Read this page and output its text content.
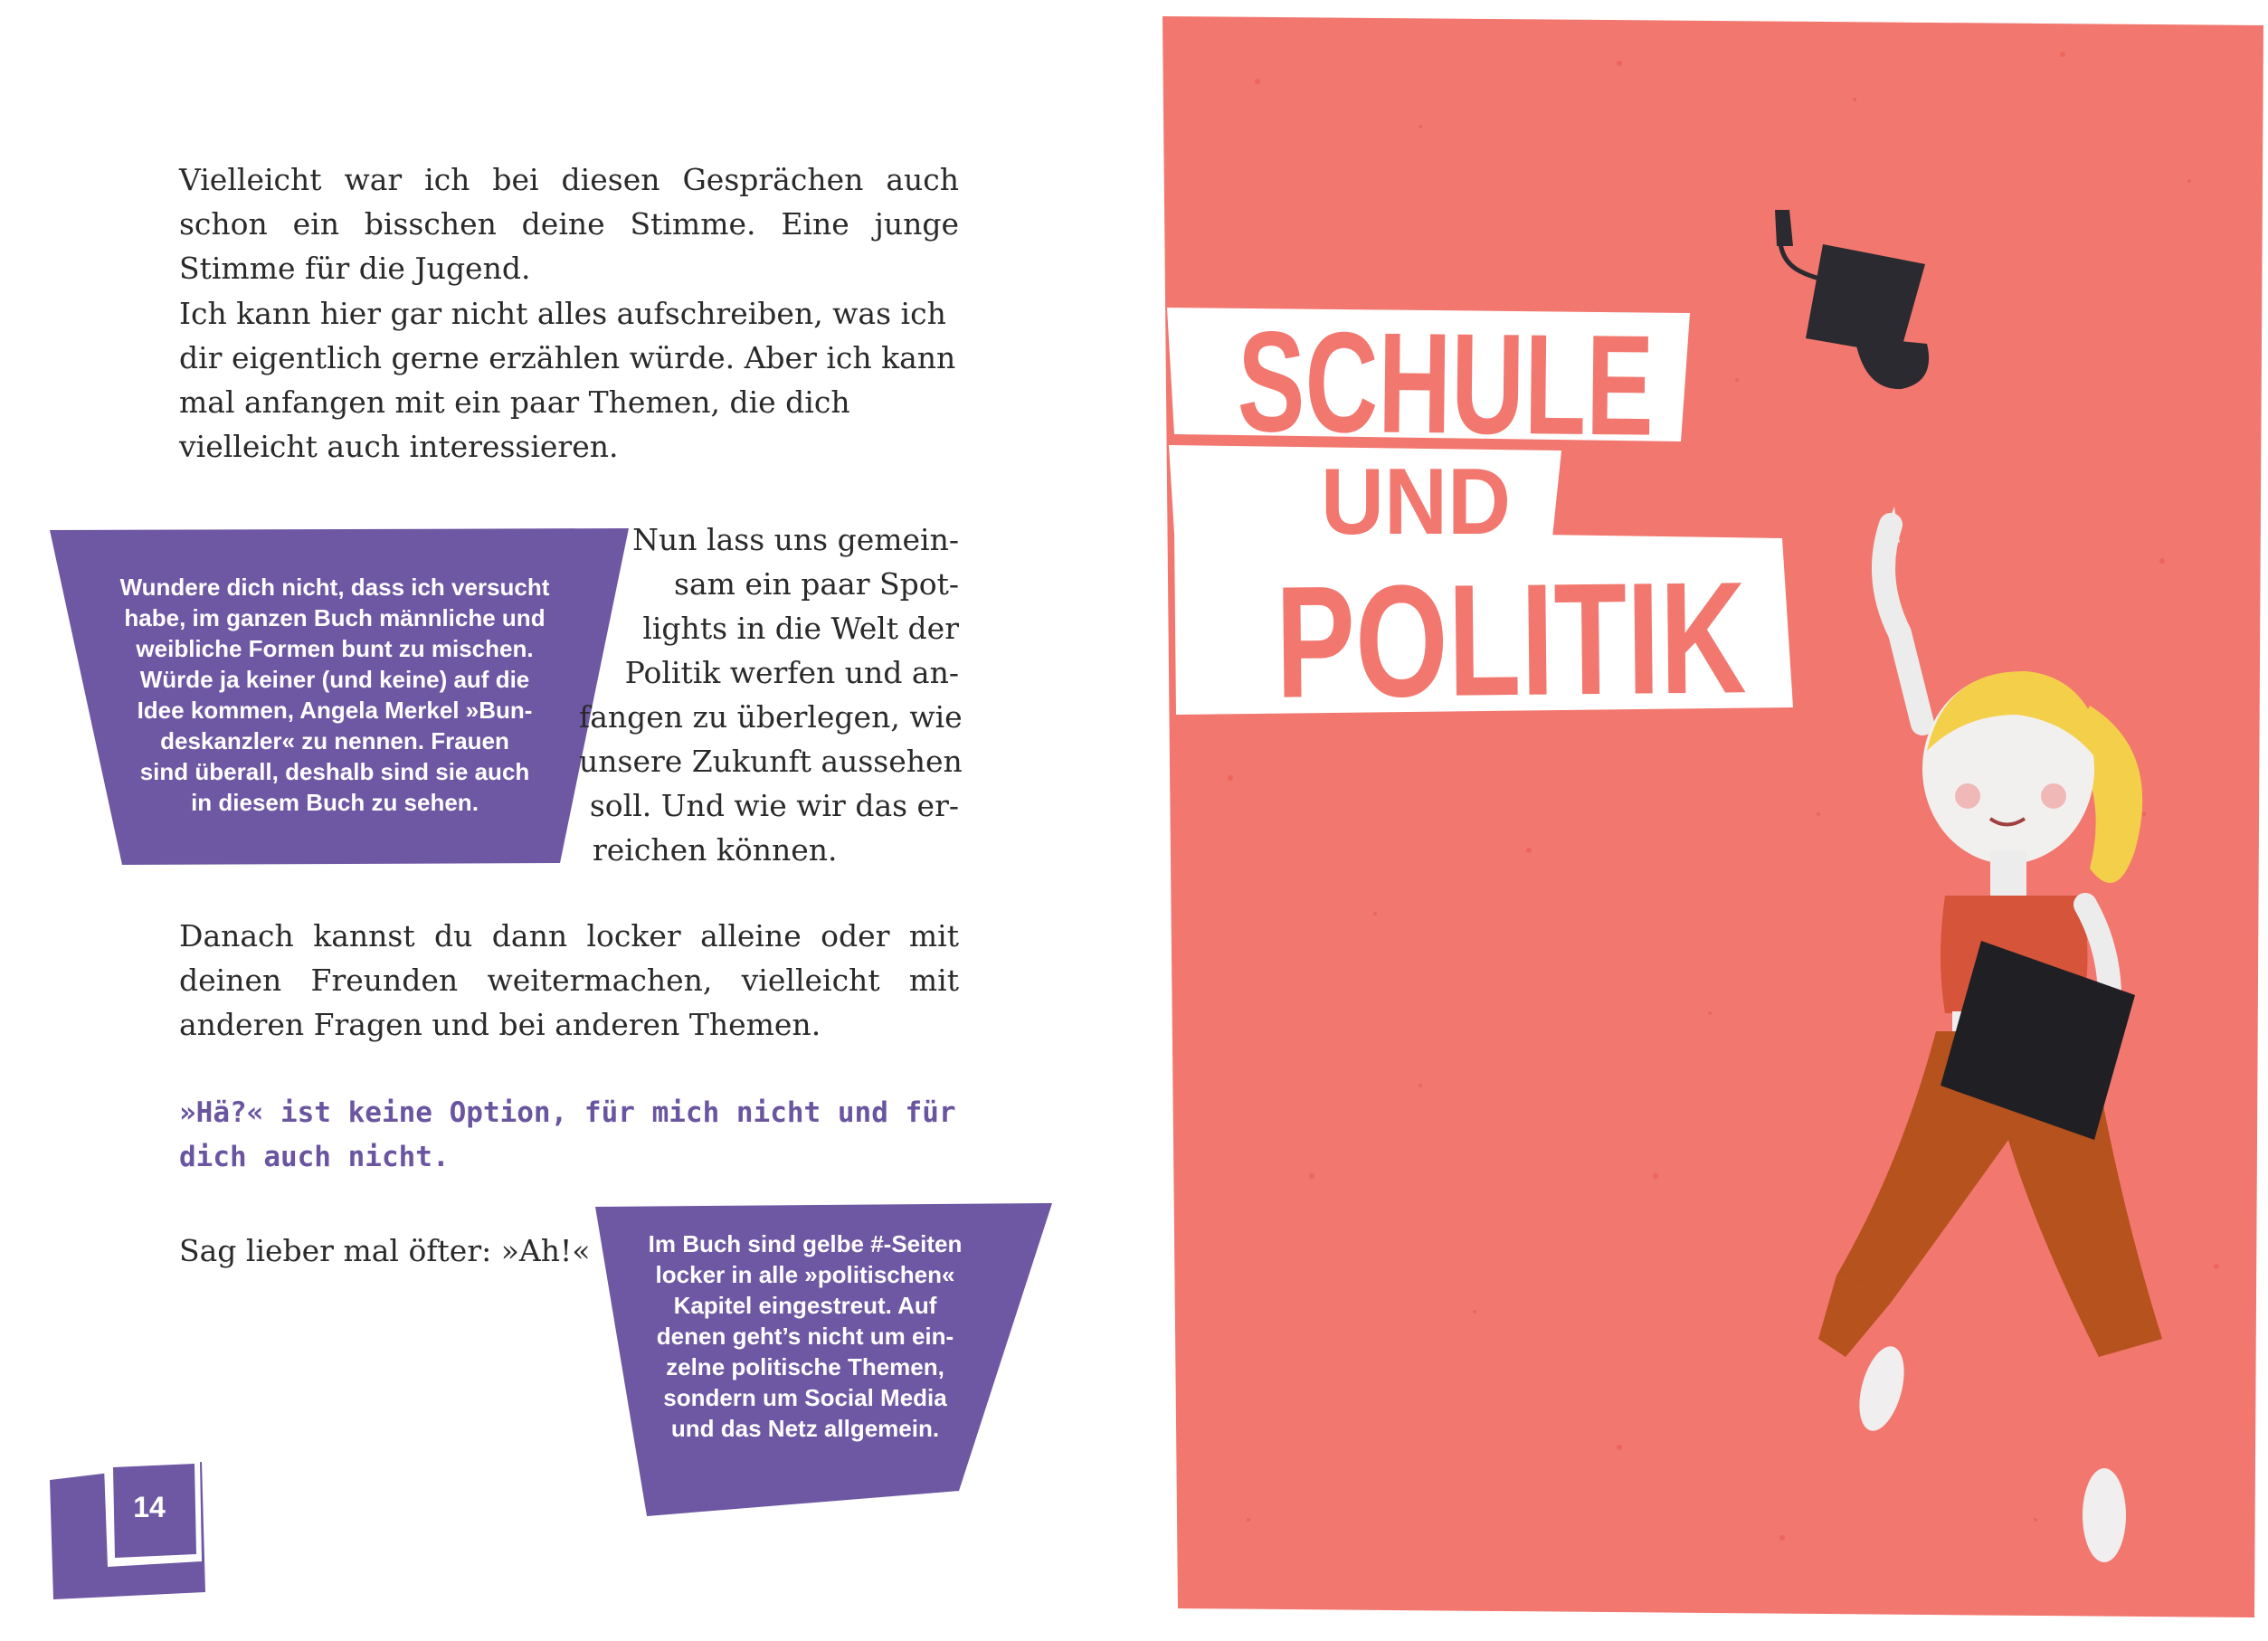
Vielleicht war ich bei diesen Gesprächen auch schon ein bisschen deine Stimme. Eine junge Stimme für die Jugend.

Ich kann hier gar nicht alles aufschreiben, was ich dir eigentlich gerne erzählen würde. Aber ich kann mal anfangen mit ein paar Themen, die dich vielleicht auch interessieren.

Wundere dich nicht, dass ich versucht
habe, im ganzen Buch männliche und
weibliche Formen bunt zu mischen.
Würde ja keiner (und keine) auf die
Idee kommen, Angela Merkel »Bun-
deskanzler« zu nennen. Frauen
sind überall, deshalb sind sie auch
in diesem Buch zu sehen.

Nun lass uns gemein-
sam ein paar Spot-
lights in die Welt der
Politik werfen und an-
fangen zu überlegen, wie
unsere Zukunft aussehen
soll. Und wie wir das er-
reichen können.

Danach kannst du dann locker alleine oder mit deinen Freunden weitermachen, vielleicht mit anderen Fragen und bei anderen Themen.

»Hä?« ist keine Option, für mich nicht und für dich auch nicht.

Sag lieber mal öfter: »Ah!«	Im Buch sind gelbe #-Seiten
locker in alle »politischen«
Kapitel eingestreut. Auf
denen geht’s nicht um ein-
zelne politische Themen,
sondern um Social Media
und das Netz allgemein.
14
SCHULE
UND
POLITIK
